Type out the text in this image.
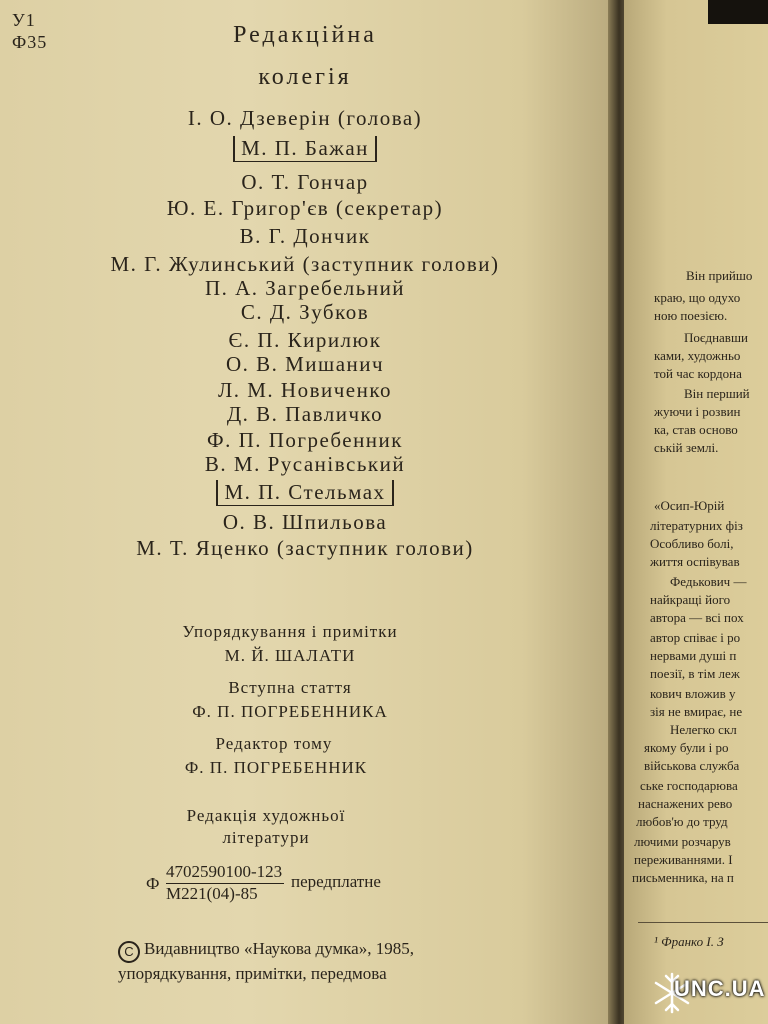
У1
Ф35	Редакційна
колегія
І. О. Дзеверін (голова)
М. П. Бажан
О. Т. Гончар
Ю. Е. Григор'єв (секретар)
В. Г. Дончик
М. Г. Жулинський (заступник голови)
П. А. Загребельний
С. Д. Зубков
Є. П. Кирилюк
О. В. Мишанич
Л. М. Новиченко
Д. В. Павличко
Ф. П. Погребенник
В. М. Русанівський
М. П. Стельмах
О. В. Шпильова
М. Т. Яценко (заступник голови)
Упорядкування і примітки
М. Й. ШАЛАТИ
Вступна стаття
Ф. П. ПОГРЕБЕННИКА
Редактор тому
Ф. П. ПОГРЕБЕННИК
Редакція художньої
літератури
Ф
4702590100-123
М221(04)-85
передплатне
C Видавництво «Наукова думка», 1985,
упорядкування, примітки, передмова
Він прийшо
краю, що одухо
ною поезією.
Поєднавши
ками, художньо
той час кордона
Він перший
жуючи і розвин
ка, став осново
ській землі.
«Осип-Юрій
літературних фіз
Особливо болі,
життя оспівував
Федькович —
найкращі його
автора — всі пох
автор співає і ро
нервами душі п
поезії, в тім леж
кович вложив у
зія не вмирає, не
Нелегко скл
якому були і ро
військова служба
ське господарюва
наснажених рево
любов'ю до труд
лючими розчарув
переживаннями. І
письменника, на п
¹ Франко І. З
UNC.UA
